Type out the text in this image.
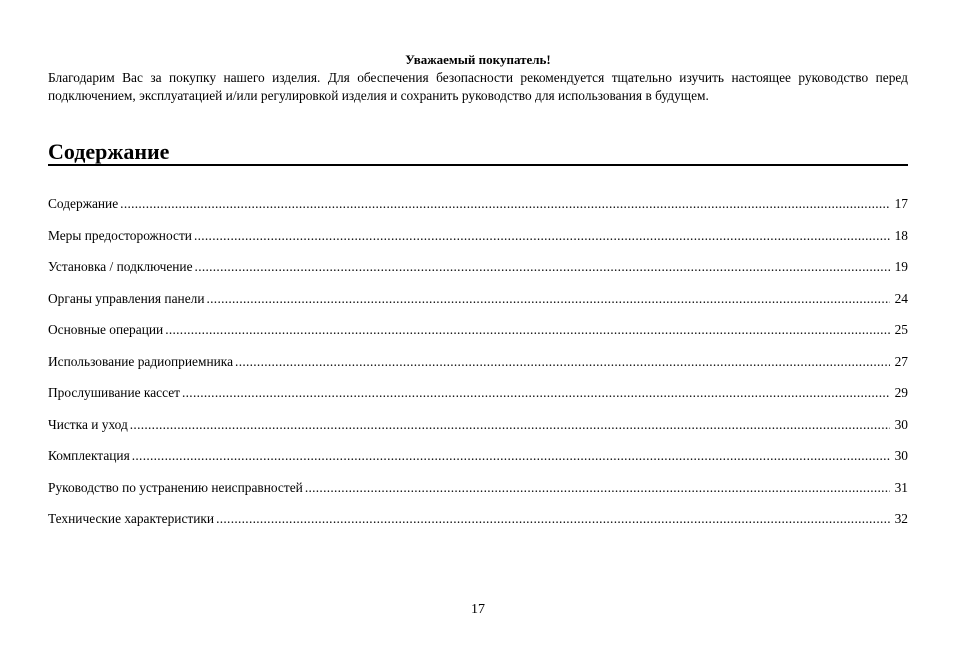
Уважаемый покупатель!

Благодарим Вас за покупку нашего изделия. Для обеспечения безопасности рекомендуется тщательно изучить настоящее руководство перед подключением, эксплуатацией и/или регулировкой изделия и сохранить руководство для использования в будущем.

Содержание
Содержание .....	17
Меры предосторожности .....	18
Установка / подключение .....	19
Органы управления панели .....	24
Основные операции .....	25
Использование радиоприемника .....	27
Прослушивание кассет .....	29
Чистка и уход .....	30
Комплектация .....	30
Руководство по устранению неисправностей .....	31
Технические характеристики .....	32
17
